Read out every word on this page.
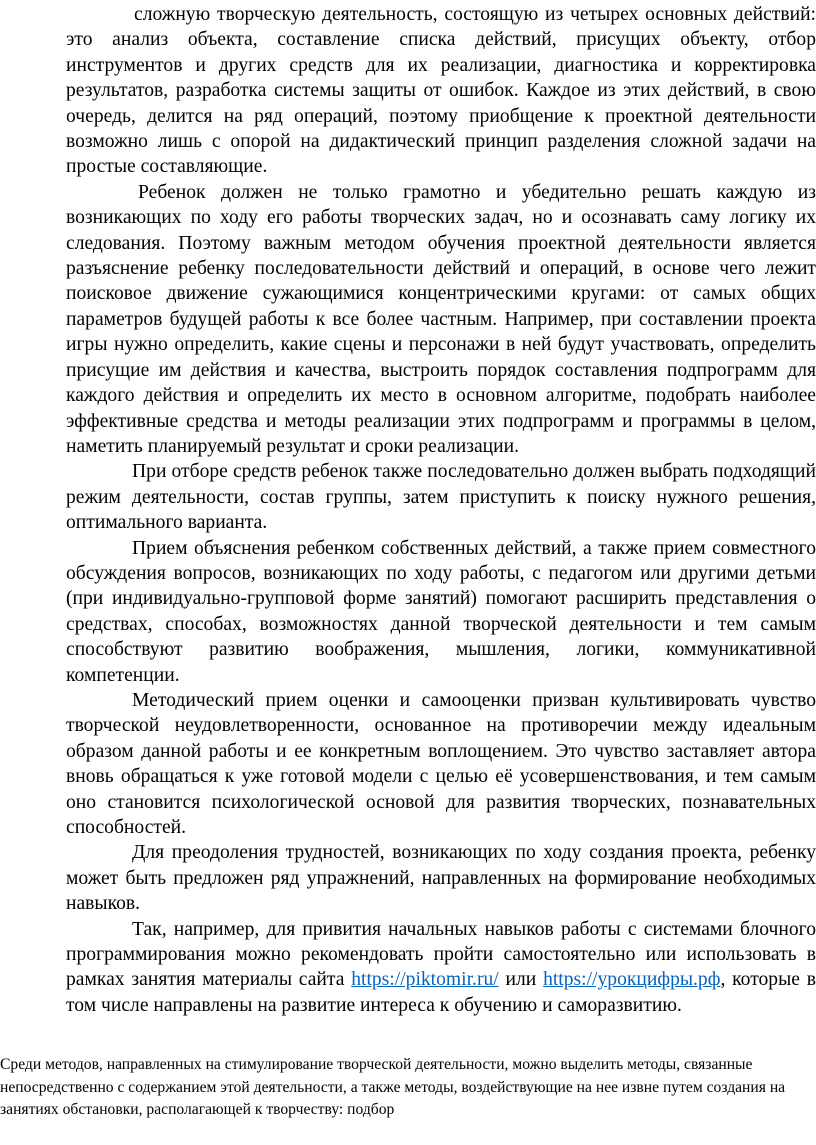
сложную творческую деятельность, состоящую из четырех основных действий: это анализ объекта, составление списка действий, присущих объекту, отбор инструментов и других средств для их реализации, диагностика и корректировка результатов, разработка системы защиты от ошибок. Каждое из этих действий, в свою очередь, делится на ряд операций, поэтому приобщение к проектной деятельности возможно лишь с опорой на дидактический принцип разделения сложной задачи на простые составляющие.

Ребенок должен не только грамотно и убедительно решать каждую из возникающих по ходу его работы творческих задач, но и осознавать саму логику их следования. Поэтому важным методом обучения проектной деятельности является разъяснение ребенку последовательности действий и операций, в основе чего лежит поисковое движение сужающимися концентрическими кругами: от самых общих параметров будущей работы к все более частным. Например, при составлении проекта игры нужно определить, какие сцены и персонажи в ней будут участвовать, определить присущие им действия и качества, выстроить порядок составления подпрограмм для каждого действия и определить их место в основном алгоритме, подобрать наиболее эффективные средства и методы реализации этих подпрограмм и программы в целом, наметить планируемый результат и сроки реализации.

При отборе средств ребенок также последовательно должен выбрать подходящий режим деятельности, состав группы, затем приступить к поиску нужного решения, оптимального варианта.

Прием объяснения ребенком собственных действий, а также прием совместного обсуждения вопросов, возникающих по ходу работы, с педагогом или другими детьми (при индивидуально-групповой форме занятий) помогают расширить представления о средствах, способах, возможностях данной творческой деятельности и тем самым способствуют развитию воображения, мышления, логики, коммуникативной компетенции.

Методический прием оценки и самооценки призван культивировать чувство творческой неудовлетворенности, основанное на противоречии между идеальным образом данной работы и ее конкретным воплощением. Это чувство заставляет автора вновь обращаться к уже готовой модели с целью её усовершенствования, и тем самым оно становится психологической основой для развития творческих, познавательных способностей.

Для преодоления трудностей, возникающих по ходу создания проекта, ребенку может быть предложен ряд упражнений, направленных на формирование необходимых навыков.

Так, например, для привития начальных навыков работы с системами блочного программирования можно рекомендовать пройти самостоятельно или использовать в рамках занятия материалы сайта https://piktomir.ru/ или https://урокцифры.рф, которые в том числе направлены на развитие интереса к обучению и саморазвитию.

Среди методов, направленных на стимулирование творческой деятельности, можно выделить методы, связанные непосредственно с содержанием этой деятельности, а также методы, воздействующие на нее извне путем создания на занятиях обстановки, располагающей к творчеству: подбор
